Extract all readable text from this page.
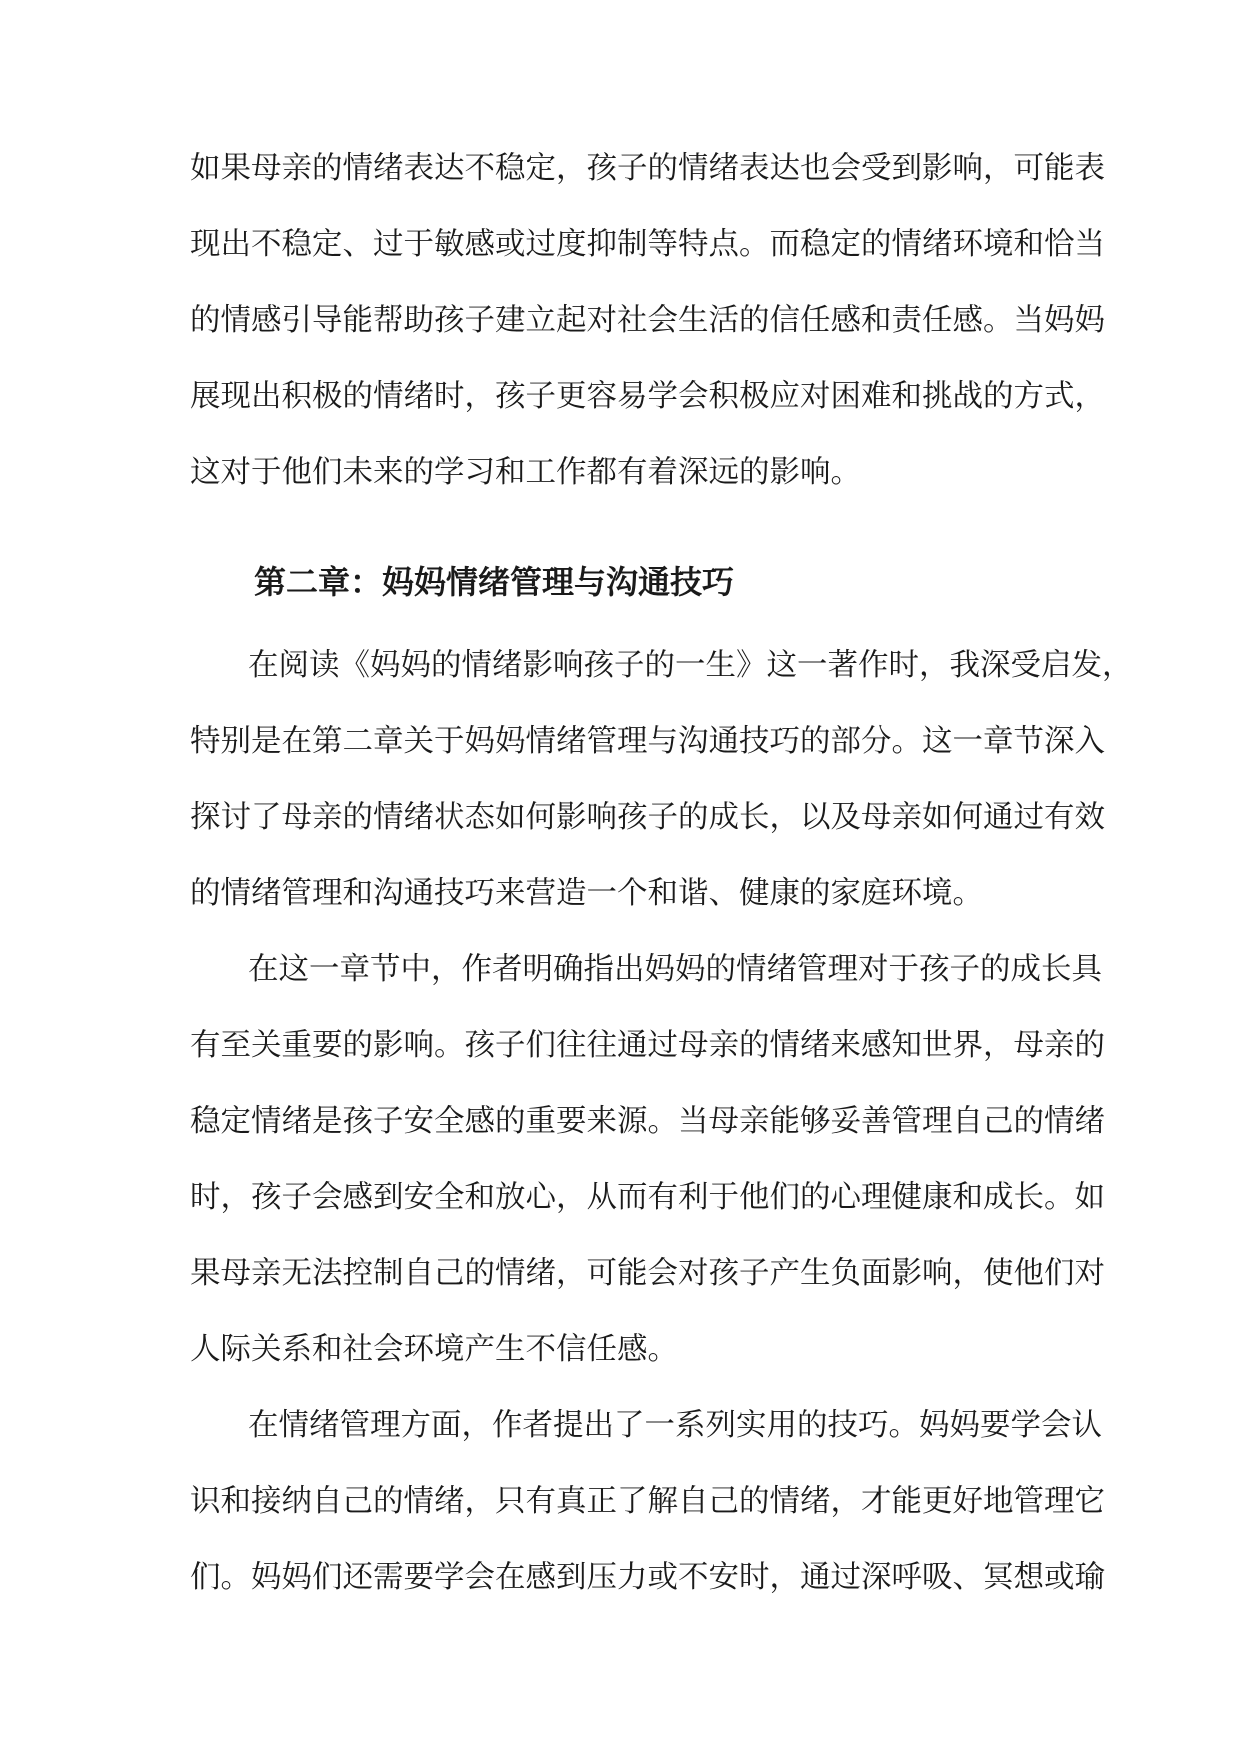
如果母亲的情绪表达不稳定，孩子的情绪表达也会受到影响，可能表
现出不稳定、过于敏感或过度抑制等特点。而稳定的情绪环境和恰当
的情感引导能帮助孩子建立起对社会生活的信任感和责任感。当妈妈
展现出积极的情绪时，孩子更容易学会积极应对困难和挑战的方式，
这对于他们未来的学习和工作都有着深远的影响。

第二章：妈妈情绪管理与沟通技巧

在阅读《妈妈的情绪影响孩子的一生》这一著作时，我深受启发，
特别是在第二章关于妈妈情绪管理与沟通技巧的部分。这一章节深入
探讨了母亲的情绪状态如何影响孩子的成长，以及母亲如何通过有效
的情绪管理和沟通技巧来营造一个和谐、健康的家庭环境。

在这一章节中，作者明确指出妈妈的情绪管理对于孩子的成长具
有至关重要的影响。孩子们往往通过母亲的情绪来感知世界，母亲的
稳定情绪是孩子安全感的重要来源。当母亲能够妥善管理自己的情绪
时，孩子会感到安全和放心，从而有利于他们的心理健康和成长。如
果母亲无法控制自己的情绪，可能会对孩子产生负面影响，使他们对
人际关系和社会环境产生不信任感。

在情绪管理方面，作者提出了一系列实用的技巧。妈妈要学会认
识和接纳自己的情绪，只有真正了解自己的情绪，才能更好地管理它
们。妈妈们还需要学会在感到压力或不安时，通过深呼吸、冥想或瑜
